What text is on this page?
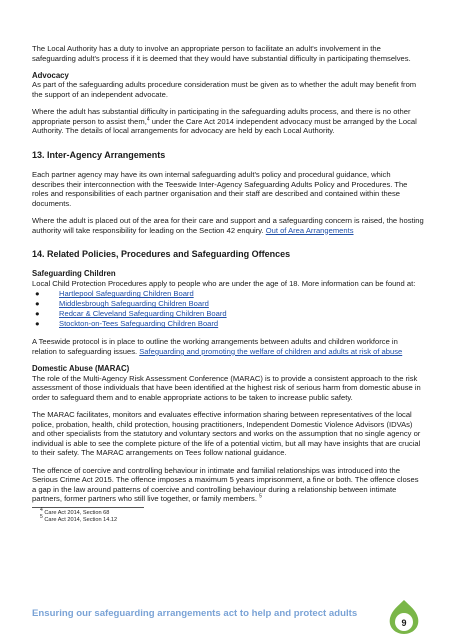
The Local Authority has a duty to involve an appropriate person to facilitate an adult's involvement in the safeguarding adult's process if it is deemed that they would have substantial difficulty in participating themselves.

Advocacy

As part of the safeguarding adults procedure consideration must be given as to whether the adult may benefit from the support of an independent advocate.

Where the adult has substantial difficulty in participating in the safeguarding adults process, and there is no other appropriate person to assist them,$^4$ under the Care Act 2014 independent advocacy must be arranged by the Local Authority. The details of local arrangements for advocacy are held by each Local Authority.

13. Inter-Agency Arrangements

Each partner agency may have its own internal safeguarding adult's policy and procedural guidance, which describes their interconnection with the Teeswide Inter-Agency Safeguarding Adults Policy and Procedures. The roles and responsibilities of each partner organisation and their staff are described and contained within these documents.

Where the adult is placed out of the area for their care and support and a safeguarding concern is raised, the hosting authority will take responsibility for leading on the Section 42 enquiry. Out of Area Arrangements

14. Related Policies, Procedures and Safeguarding Offences
Safeguarding Children

Local Child Protection Procedures apply to people who are under the age of 18. More information can be found at:

●	Hartlepool Safeguarding Children Board
●	Middlesbrough Safeguarding Children Board
●	Redcar & Cleveland Safeguarding Children Board
●	Stockton-on-Tees Safeguarding Children Board

A Teeswide protocol is in place to outline the working arrangements between adults and children workforce in relation to safeguarding issues. Safeguarding and promoting the welfare of children and adults at risk of abuse

Domestic Abuse (MARAC)

The role of the Multi-Agency Risk Assessment Conference (MARAC) is to provide a consistent approach to the risk assessment of those individuals that have been identified at the highest risk of serious harm from domestic abuse in order to safeguard them and to enable appropriate actions to be taken to increase public safety.

The MARAC facilitates, monitors and evaluates effective information sharing between representatives of the local police, probation, health, child protection, housing practitioners, Independent Domestic Violence Advisors (IDVAs) and other specialists from the statutory and voluntary sectors and works on the assumption that no single agency or individual is able to see the complete picture of the life of a potential victim, but all may have insights that are crucial to their safety. The MARAC arrangements on Tees follow national guidance.

The offence of coercive and controlling behaviour in intimate and familial relationships was introduced into the Serious Crime Act 2015. The offence imposes a maximum 5 years imprisonment, a fine or both. The offence closes a gap in the law around patterns of coercive and controlling behaviour during a relationship between intimate partners, former partners who still live together, or family members. $^5$

$^4$ Care Act 2014, Section 68
$^5$ Care Act 2014, Section 14.12
Ensuring our safeguarding arrangements act to help and protect adults
9
